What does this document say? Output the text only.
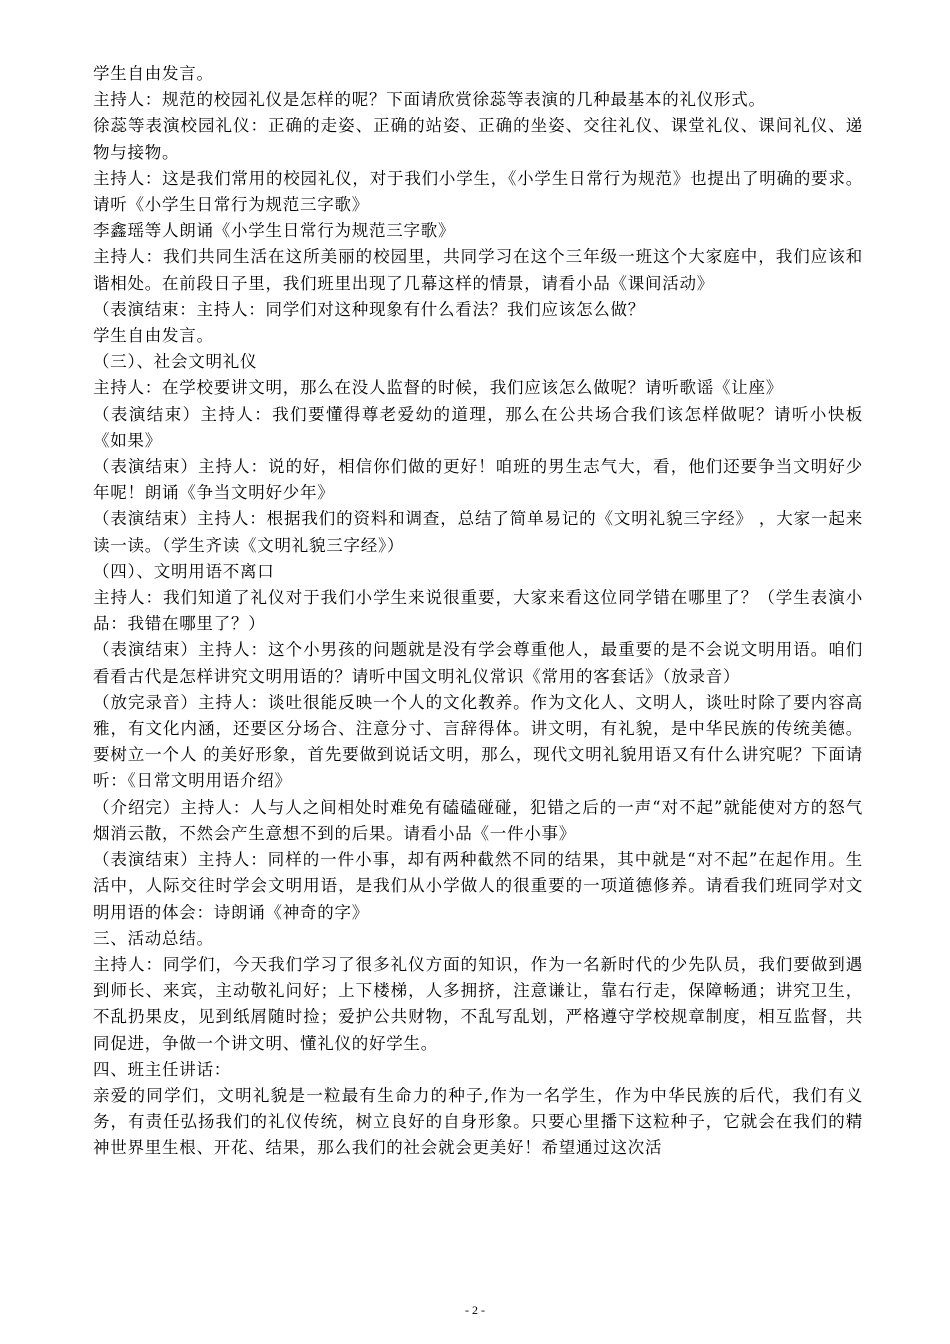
学生自由发言。

主持人：规范的校园礼仪是怎样的呢？下面请欣赏徐蕊等表演的几种最基本的礼仪形式。

徐蕊等表演校园礼仪：正确的走姿、正确的站姿、正确的坐姿、交往礼仪、课堂礼仪、课间礼仪、递物与接物。

主持人：这是我们常用的校园礼仪，对于我们小学生，《小学生日常行为规范》也提出了明确的要求。请听《小学生日常行为规范三字歌》

李鑫瑶等人朗诵《小学生日常行为规范三字歌》

主持人：我们共同生活在这所美丽的校园里，共同学习在这个三年级一班这个大家庭中，我们应该和谐相处。在前段日子里，我们班里出现了几幕这样的情景，请看小品《课间活动》

（表演结束：主持人：同学们对这种现象有什么看法？我们应该怎么做？

学生自由发言。

（三）、社会文明礼仪

主持人：在学校要讲文明，那么在没人监督的时候，我们应该怎么做呢？请听歌谣《让座》

（表演结束）主持人：我们要懂得尊老爱幼的道理，那么在公共场合我们该怎样做呢？请听小快板《如果》

（表演结束）主持人：说的好，相信你们做的更好！咱班的男生志气大，看，他们还要争当文明好少年呢！朗诵《争当文明好少年》

（表演结束）主持人：根据我们的资料和调查，总结了简单易记的《文明礼貌三字经》 ，大家一起来读一读。（学生齐读《文明礼貌三字经》）

（四）、文明用语不离口

主持人：我们知道了礼仪对于我们小学生来说很重要，大家来看这位同学错在哪里了？（学生表演小品：我错在哪里了？）

（表演结束）主持人：这个小男孩的问题就是没有学会尊重他人，最重要的是不会说文明用语。咱们看看古代是怎样讲究文明用语的？请听中国文明礼仪常识《常用的客套话》（放录音）

（放完录音）主持人：谈吐很能反映一个人的文化教养。作为文化人、文明人，谈吐时除了要内容高雅，有文化内涵，还要区分场合、注意分寸、言辞得体。讲文明，有礼貌，是中华民族的传统美德。要树立一个人 的美好形象，首先要做到说话文明，那么，现代文明礼貌用语又有什么讲究呢？下面请听：《日常文明用语介绍》

（介绍完）主持人：人与人之间相处时难免有磕磕碰碰，犯错之后的一声“对不起”就能使对方的怒气烟消云散，不然会产生意想不到的后果。请看小品《一件小事》

（表演结束）主持人：同样的一件小事，却有两种截然不同的结果，其中就是“对不起”在起作用。生活中，人际交往时学会文明用语，是我们从小学做人的很重要的一项道德修养。请看我们班同学对文明用语的体会：诗朗诵《神奇的字》

三、活动总结。

主持人：同学们，今天我们学习了很多礼仪方面的知识，作为一名新时代的少先队员，我们要做到遇到师长、来宾，主动敬礼问好；上下楼梯，人多拥挤，注意谦让，靠右行走，保障畅通；讲究卫生，不乱扔果皮，见到纸屑随时捡；爱护公共财物，不乱写乱划，严格遵守学校规章制度，相互监督，共同促进，争做一个讲文明、懂礼仪的好学生。

四、班主任讲话：

亲爱的同学们，文明礼貌是一粒最有生命力的种子,作为一名学生，作为中华民族的后代，我们有义务，有责任弘扬我们的礼仪传统，树立良好的自身形象。只要心里播下这粒种子，它就会在我们的精神世界里生根、开花、结果，那么我们的社会就会更美好！希望通过这次活

- 2 -
